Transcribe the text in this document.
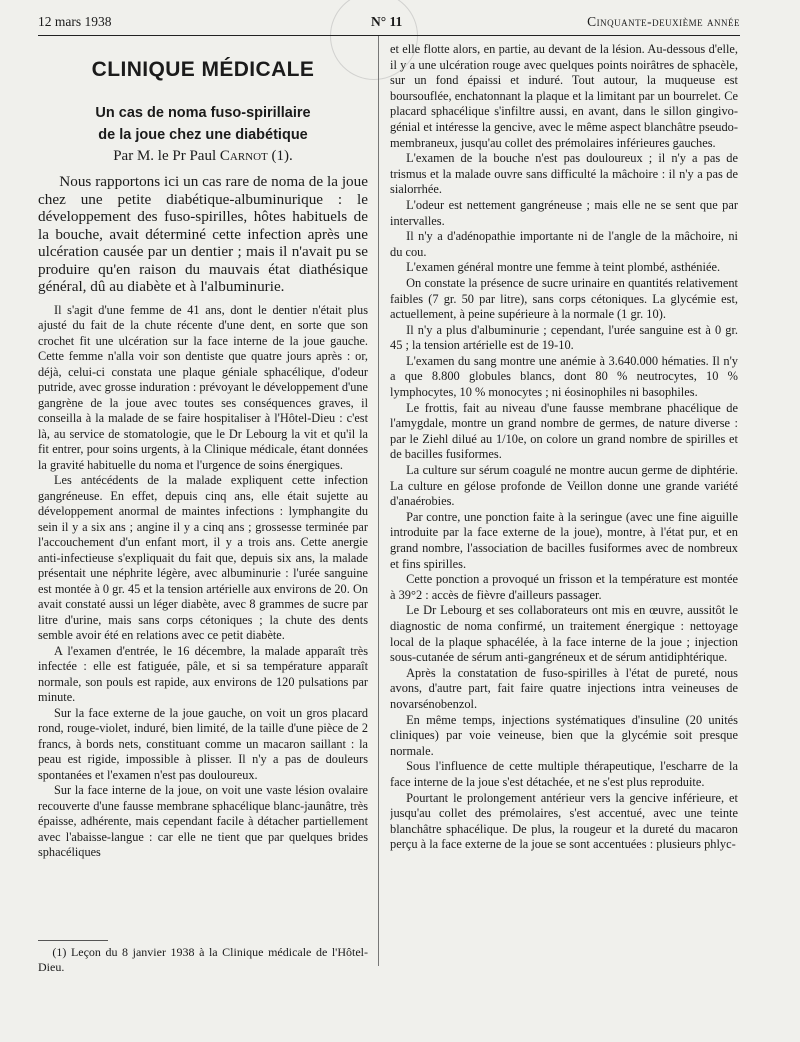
12 mars 1938	N° 11	Cinquante-deuxième année
CLINIQUE MÉDICALE
Un cas de noma fuso-spirillaire
de la joue chez une diabétique
Par M. le Pr Paul Carnot (1).
Nous rapportons ici un cas rare de noma de la joue chez une petite diabétique-albuminurique : le développement des fuso-spirilles, hôtes habituels de la bouche, avait déterminé cette infection après une ulcération causée par un dentier ; mais il n'avait pu se produire qu'en raison du mauvais état diathésique général, dû au diabète et à l'albuminurie.

Il s'agit d'une femme de 41 ans, dont le dentier n'était plus ajusté du fait de la chute récente d'une dent, en sorte que son crochet fit une ulcération sur la face interne de la joue gauche. Cette femme n'alla voir son dentiste que quatre jours après : or, déjà, celui-ci constata une plaque géniale sphacélique, d'odeur putride, avec grosse induration : prévoyant le développement d'une gangrène de la joue avec toutes ses conséquences graves, il conseilla à la malade de se faire hospitaliser à l'Hôtel-Dieu : c'est là, au service de stomatologie, que le Dr Lebourg la vit et qu'il la fit entrer, pour soins urgents, à la Clinique médicale, étant données la gravité habituelle du noma et l'urgence de soins énergiques.

Les antécédents de la malade expliquent cette infection gangréneuse. En effet, depuis cinq ans, elle était sujette au développement anormal de maintes infections : lymphangite du sein il y a six ans ; angine il y a cinq ans ; grossesse terminée par l'accouchement d'un enfant mort, il y a trois ans. Cette anergie anti-infectieuse s'expliquait du fait que, depuis six ans, la malade présentait une néphrite légère, avec albuminurie : l'urée sanguine est montée à 0 gr. 45 et la tension artérielle aux environs de 20. On avait constaté aussi un léger diabète, avec 8 grammes de sucre par litre d'urine, mais sans corps cétoniques ; la chute des dents semble avoir été en relations avec ce petit diabète.

A l'examen d'entrée, le 16 décembre, la malade apparaît très infectée : elle est fatiguée, pâle, et si sa température apparaît normale, son pouls est rapide, aux environs de 120 pulsations par minute.

Sur la face externe de la joue gauche, on voit un gros placard rond, rouge-violet, induré, bien limité, de la taille d'une pièce de 2 francs, à bords nets, constituant comme un macaron saillant : la peau est rigide, impossible à plisser. Il n'y a pas de douleurs spontanées et l'examen n'est pas douloureux.

Sur la face interne de la joue, on voit une vaste lésion ovalaire recouverte d'une fausse membrane sphacélique blanc-jaunâtre, très épaisse, adhérente, mais cependant facile à détacher partiellement avec l'abaisse-langue : car elle ne tient que par quelques brides sphacéliques

et elle flotte alors, en partie, au devant de la lésion. Au-dessous d'elle, il y a une ulcération rouge avec quelques points noirâtres de sphacèle, sur un fond épaissi et induré. Tout autour, la muqueuse est boursouflée, enchatonnant la plaque et la limitant par un bourrelet. Ce placard sphacélique s'infiltre aussi, en avant, dans le sillon gingivo-génial et intéresse la gencive, avec le même aspect blanchâtre pseudo-membraneux, jusqu'au collet des prémolaires inférieures gauches.

L'examen de la bouche n'est pas douloureux ; il n'y a pas de trismus et la malade ouvre sans difficulté la mâchoire : il n'y a pas de sialorrhée.

L'odeur est nettement gangréneuse ; mais elle ne se sent que par intervalles.

Il n'y a d'adénopathie importante ni de l'angle de la mâchoire, ni du cou.

L'examen général montre une femme à teint plombé, asthéniée.

On constate la présence de sucre urinaire en quantités relativement faibles (7 gr. 50 par litre), sans corps cétoniques. La glycémie est, actuellement, à peine supérieure à la normale (1 gr. 10).

Il n'y a plus d'albuminurie ; cependant, l'urée sanguine est à 0 gr. 45 ; la tension artérielle est de 19-10.

L'examen du sang montre une anémie à 3.640.000 hématies. Il n'y a que 8.800 globules blancs, dont 80 % neutrocytes, 10 % lymphocytes, 10 % monocytes ; ni éosinophiles ni basophiles.

Le frottis, fait au niveau d'une fausse membrane phacélique de l'amygdale, montre un grand nombre de germes, de nature diverse : par le Ziehl dilué au 1/10e, on colore un grand nombre de spirilles et de bacilles fusiformes.

La culture sur sérum coagulé ne montre aucun germe de diphtérie. La culture en gélose profonde de Veillon donne une grande variété d'anaérobies.

Par contre, une ponction faite à la seringue (avec une fine aiguille introduite par la face externe de la joue), montre, à l'état pur, et en grand nombre, l'association de bacilles fusiformes avec de nombreux et fins spirilles.

Cette ponction a provoqué un frisson et la température est montée à 39°2 : accès de fièvre d'ailleurs passager.

Le Dr Lebourg et ses collaborateurs ont mis en œuvre, aussitôt le diagnostic de noma confirmé, un traitement énergique : nettoyage local de la plaque sphacélée, à la face interne de la joue ; injection sous-cutanée de sérum anti-gangréneux et de sérum antidiphtérique.

Après la constatation de fuso-spirilles à l'état de pureté, nous avons, d'autre part, fait faire quatre injections intra veineuses de novarsénobenzol.

En même temps, injections systématiques d'insuline (20 unités cliniques) par voie veineuse, bien que la glycémie soit presque normale.

Sous l'influence de cette multiple thérapeutique, l'escharre de la face interne de la joue s'est détachée, et ne s'est plus reproduite.

Pourtant le prolongement antérieur vers la gencive inférieure, et jusqu'au collet des prémolaires, s'est accentué, avec une teinte blanchâtre sphacélique. De plus, la rougeur et la dureté du macaron perçu à la face externe de la joue se sont accentuées : plusieurs phlyc-

(1) Leçon du 8 janvier 1938 à la Clinique médicale de l'Hôtel-Dieu.
